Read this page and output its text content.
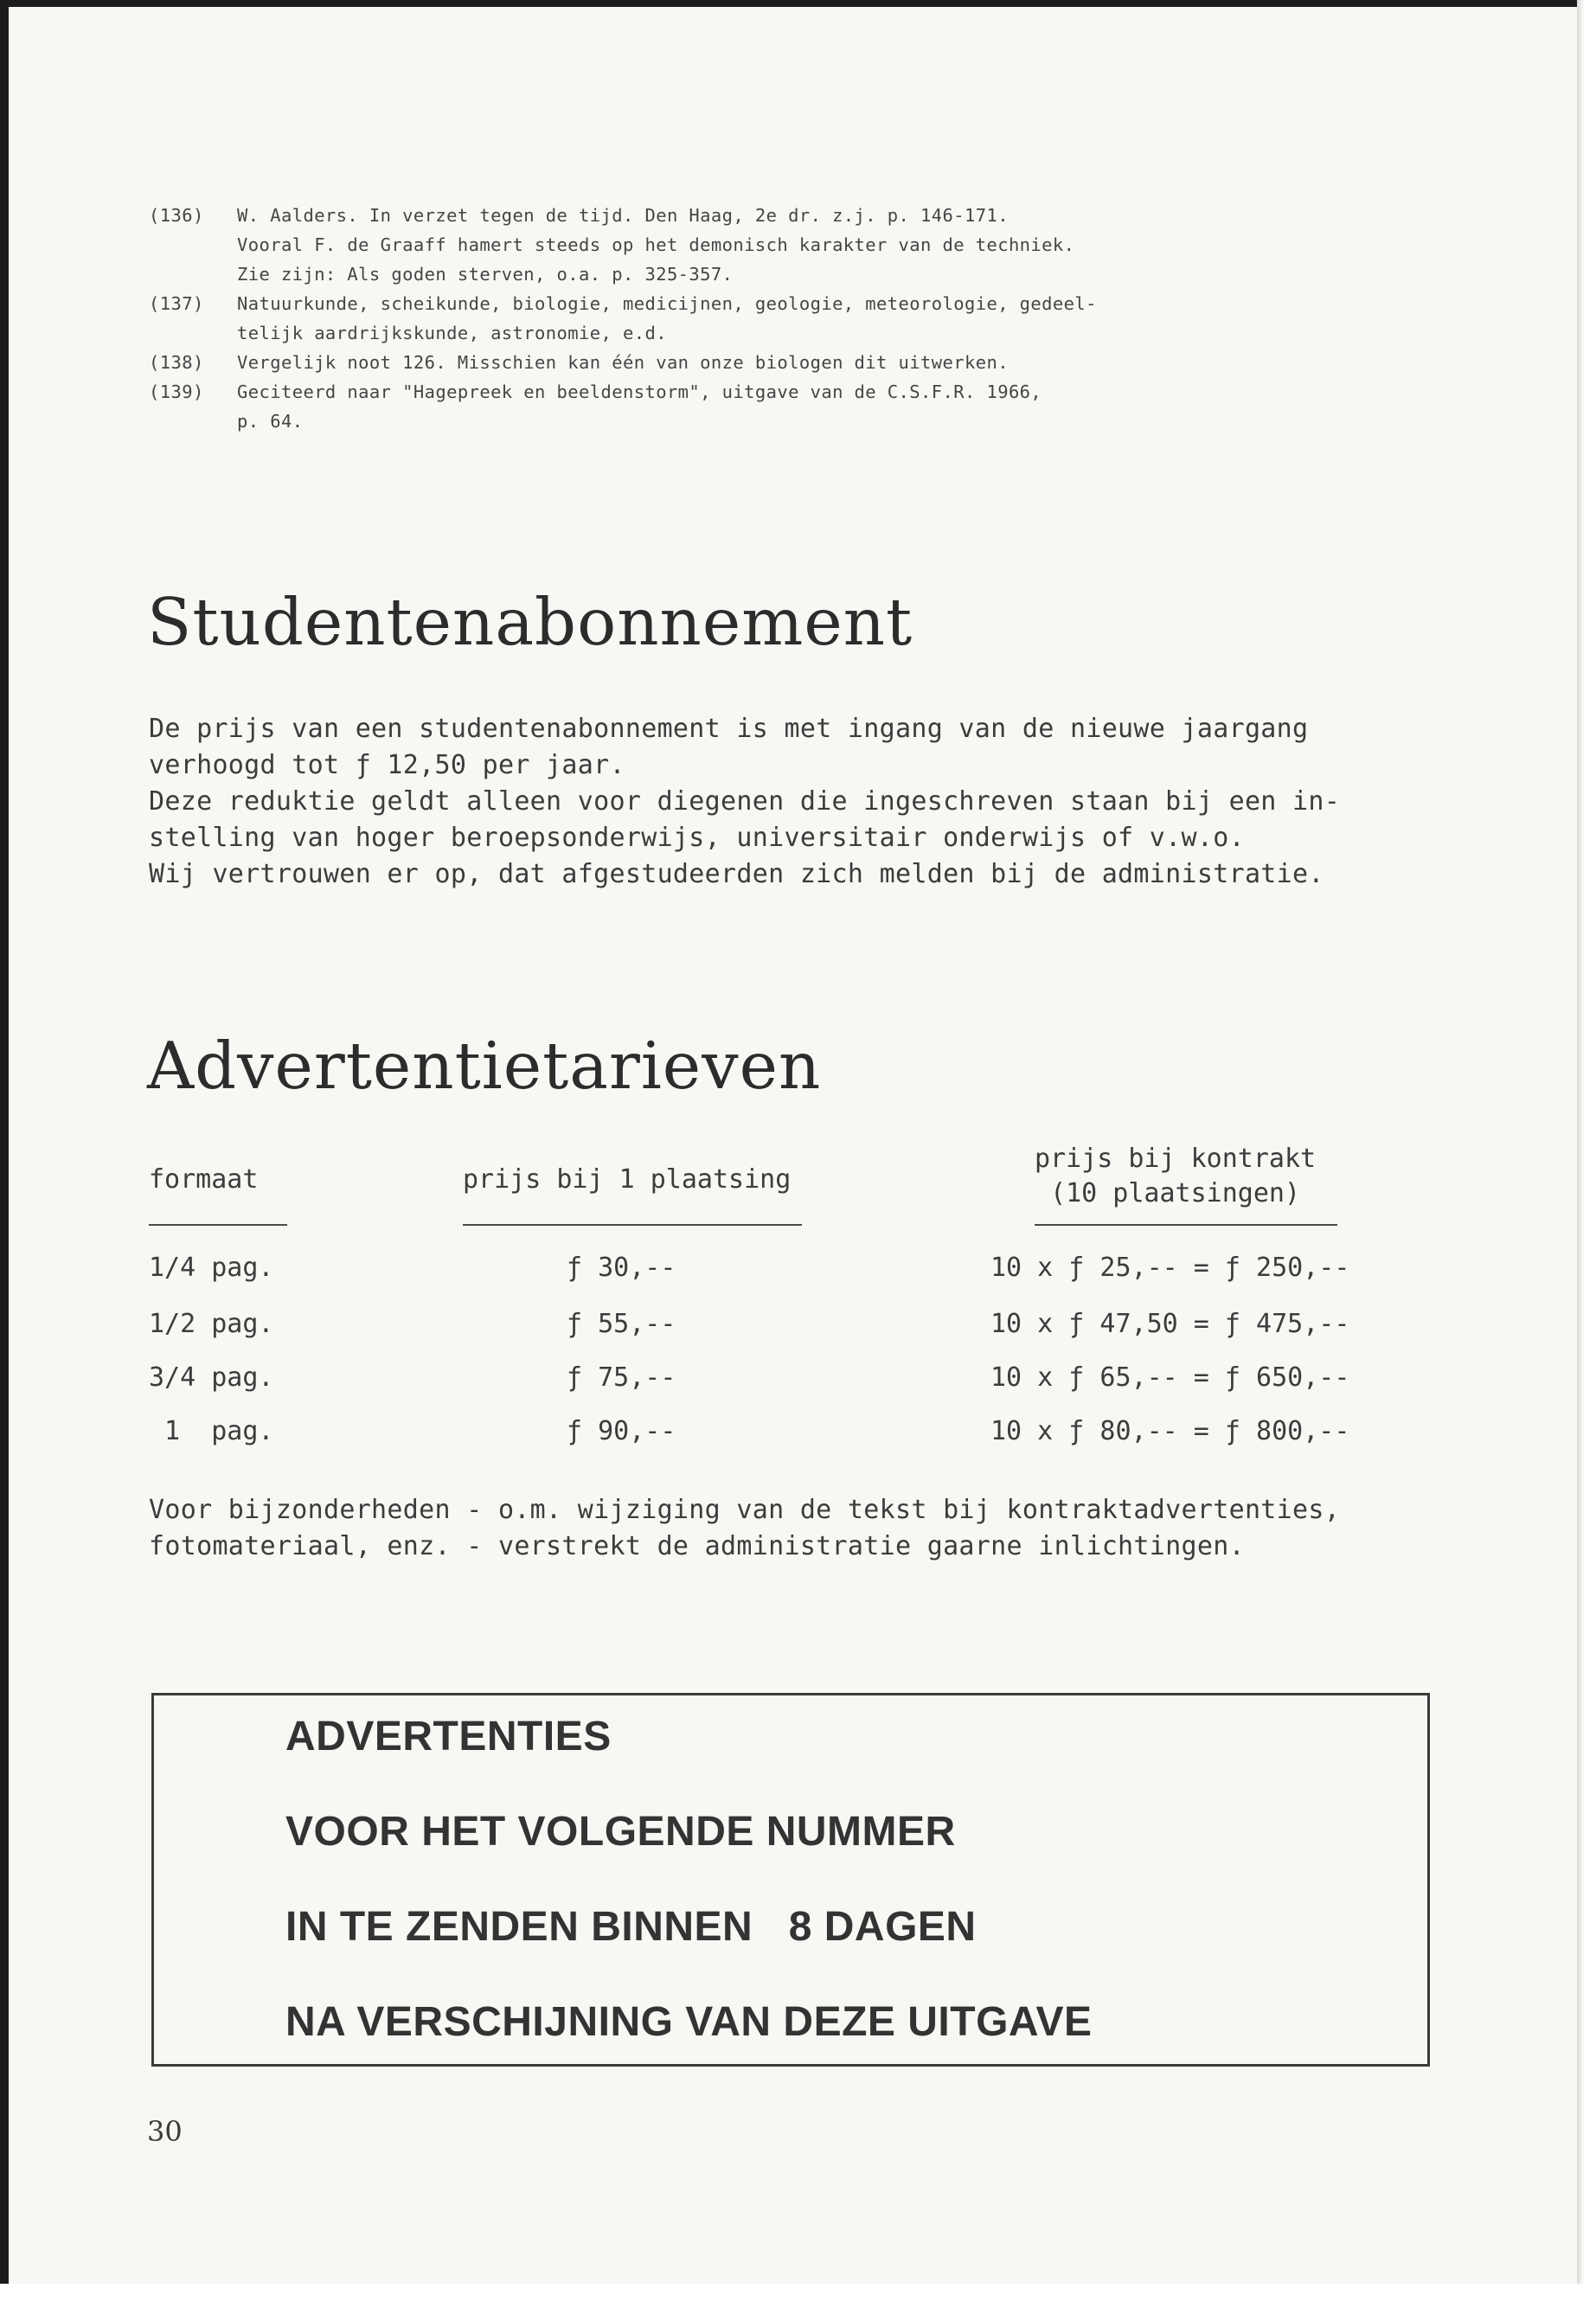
(136)	W. Aalders. In verzet tegen de tijd. Den Haag, 2e dr. z.j. p. 146-171.
Vooral F. de Graaff hamert steeds op het demonisch karakter van de techniek.
Zie zijn: Als goden sterven, o.a. p. 325-357.
(137)	Natuurkunde, scheikunde, biologie, medicijnen, geologie, meteorologie, gedeel-
telijk aardrijkskunde, astronomie, e.d.
(138)	Vergelijk noot 126. Misschien kan één van onze biologen dit uitwerken.
(139)	Geciteerd naar "Hagepreek en beeldenstorm", uitgave van de C.S.F.R. 1966,
p. 64.
Studentenabonnement
De prijs van een studentenabonnement is met ingang van de nieuwe jaargang
verhoogd tot ƒ 12,50 per jaar.
Deze reduktie geldt alleen voor diegenen die ingeschreven staan bij een in-
stelling van hoger beroepsonderwijs, universitair onderwijs of v.w.o.
Wij vertrouwen er op, dat afgestudeerden zich melden bij de administratie.
Advertentietarieven
formaat	prijs bij 1 plaatsing
prijs bij kontrakt
(10 plaatsingen)
1/4 pag.	ƒ 30,--	10 x ƒ 25,-- = ƒ 250,--
1/2 pag.	ƒ 55,--	10 x ƒ 47,50 = ƒ 475,--
3/4 pag.	ƒ 75,--	10 x ƒ 65,-- = ƒ 650,--
1  pag.	ƒ 90,--	10 x ƒ 80,-- = ƒ 800,--
Voor bijzonderheden - o.m. wijziging van de tekst bij kontraktadvertenties,
fotomateriaal, enz. - verstrekt de administratie gaarne inlichtingen.
ADVERTENTIES
VOOR HET VOLGENDE NUMMER
IN TE ZENDEN BINNEN   8 DAGEN
NA VERSCHIJNING VAN DEZE UITGAVE
30
